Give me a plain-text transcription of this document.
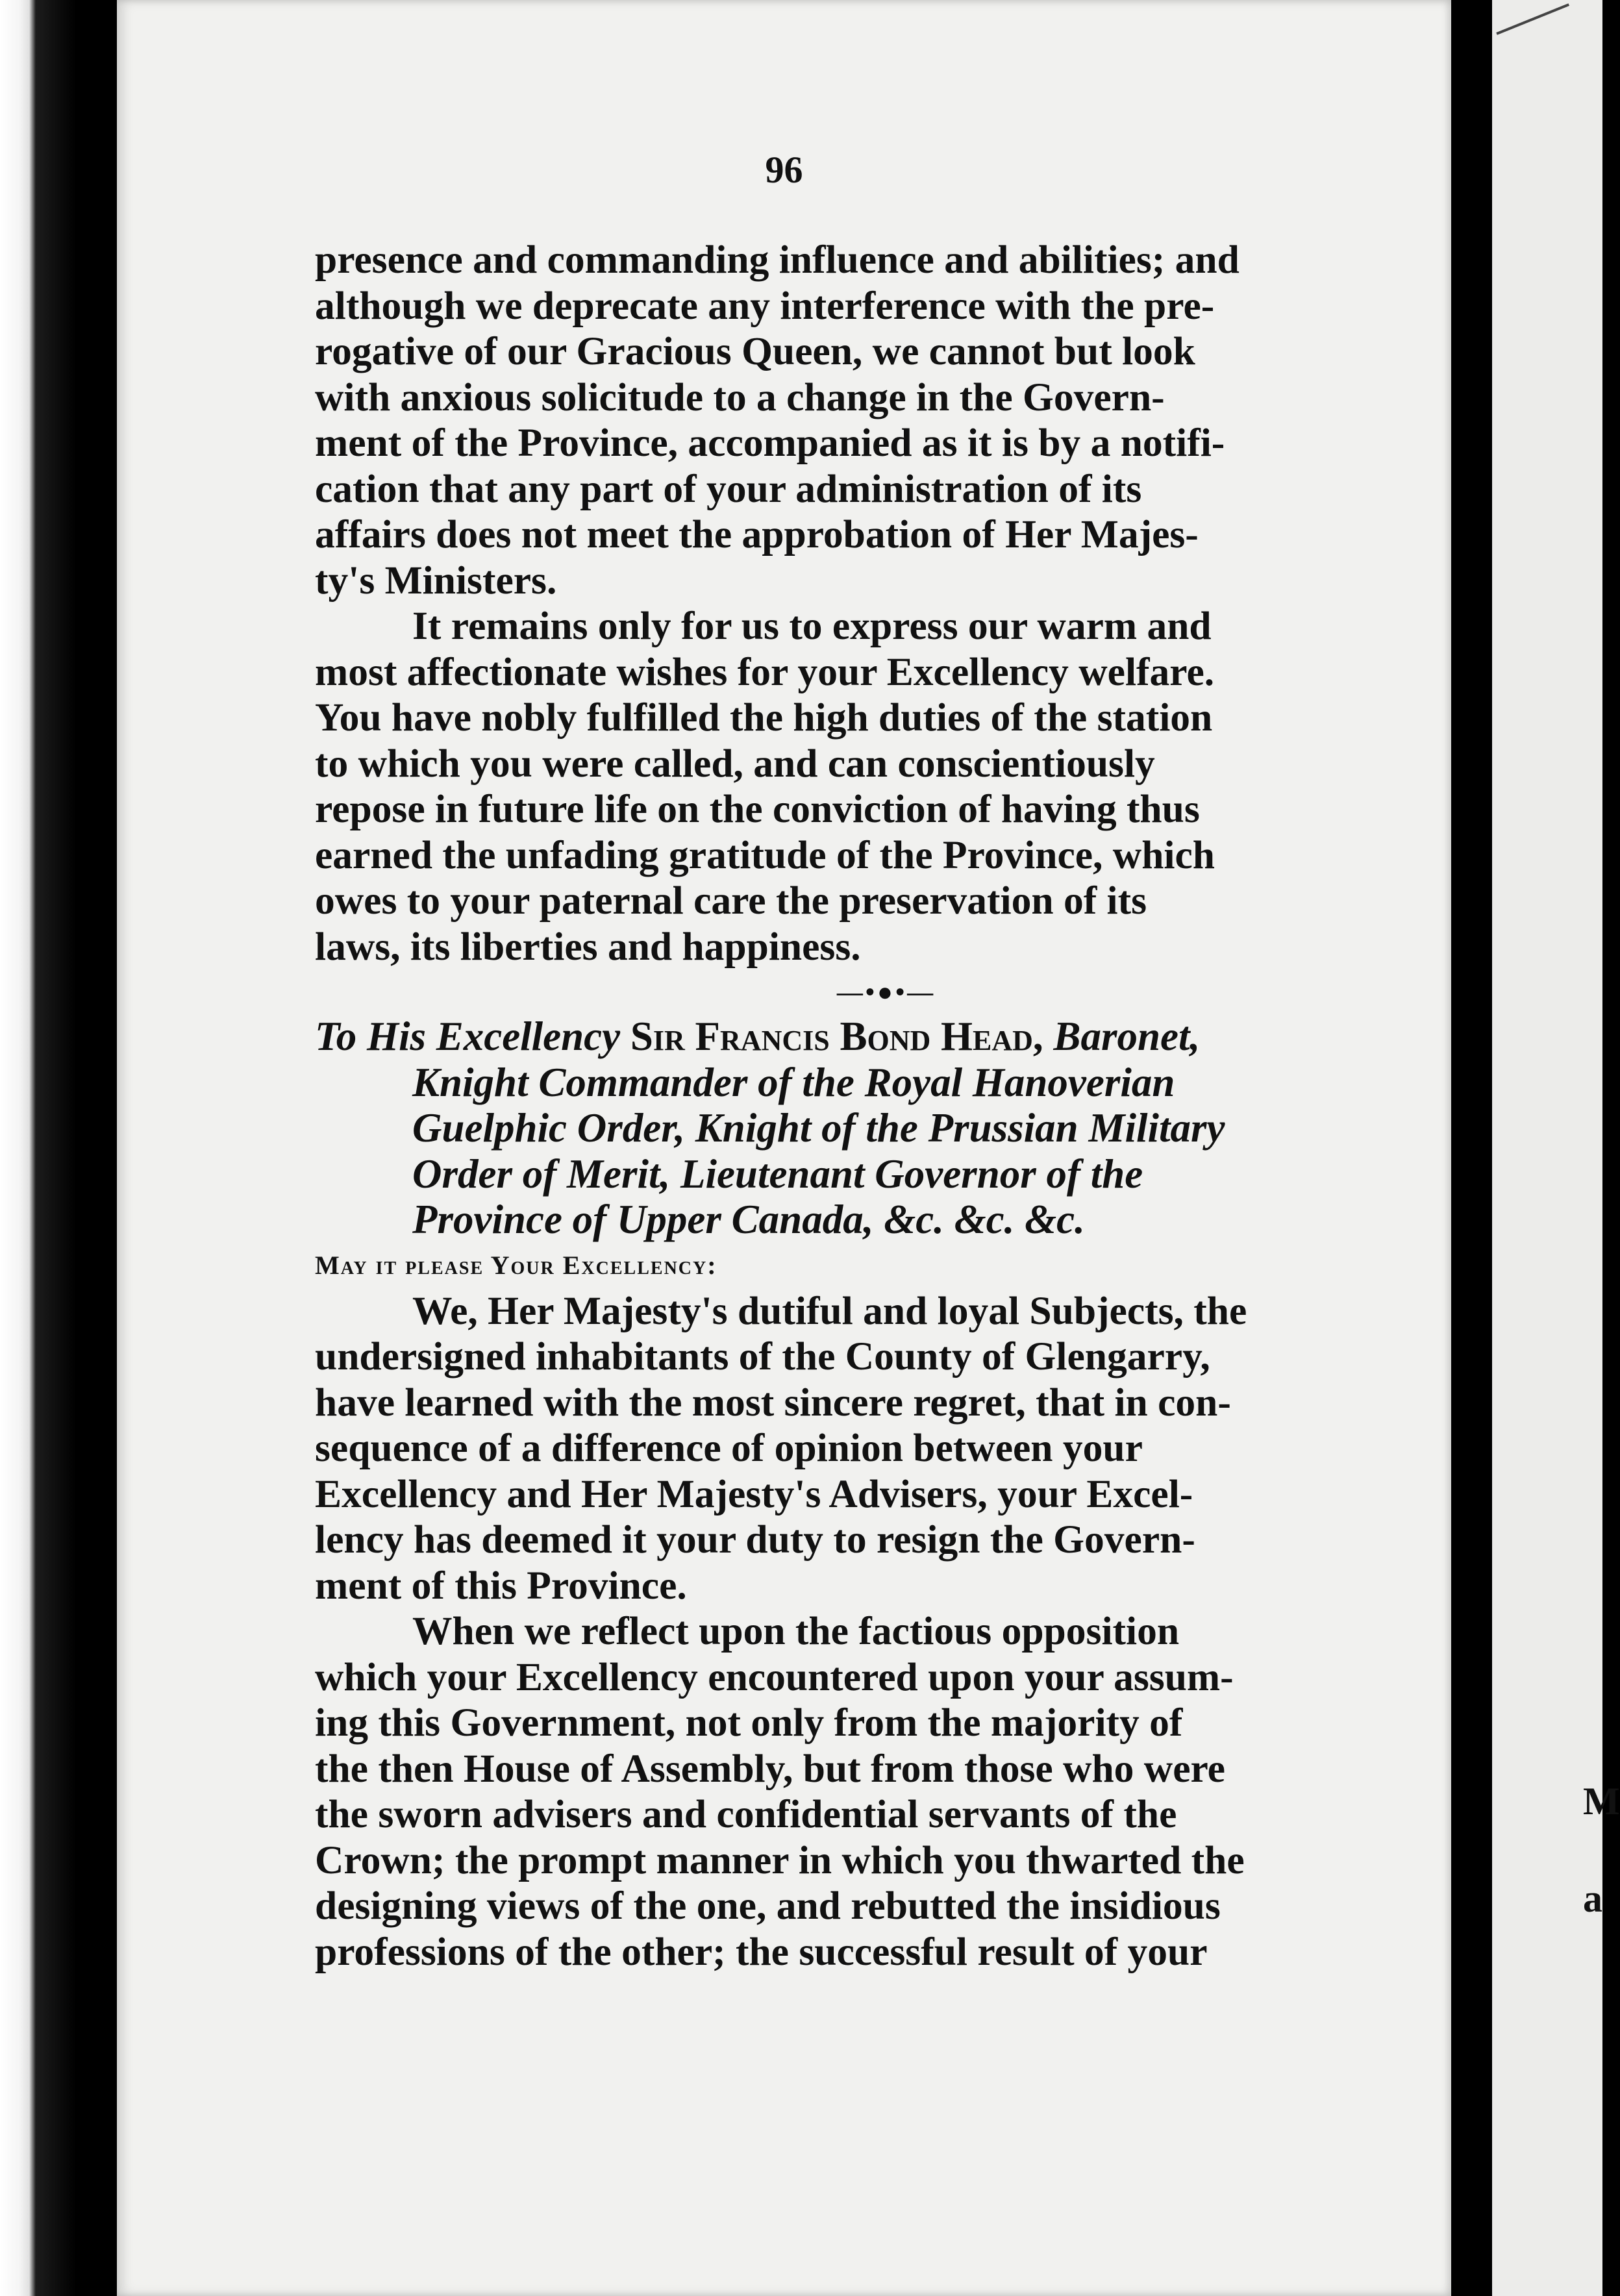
96

presence and commanding influence and abilities; and
although we deprecate any interference with the pre-
rogative of our Gracious Queen, we cannot but look
with anxious solicitude to a change in the Govern-
ment of the Province, accompanied as it is by a notifi-
cation that any part of your administration of its
affairs does not meet the approbation of Her Majes-
ty's Ministers.

It remains only for us to express our warm and
most affectionate wishes for your Excellency welfare.
You have nobly fulfilled the high duties of the station
to which you were called, and can conscientiously
repose in future life on the conviction of having thus
earned the unfading gratitude of the Province, which
owes to your paternal care the preservation of its
laws, its liberties and happiness.

—•●•—

To His Excellency Sir Francis Bond Head, Baronet,
Knight Commander of the Royal Hanoverian
Guelphic Order, Knight of the Prussian Military
Order of Merit, Lieutenant Governor of the
Province of Upper Canada, &c. &c. &c.

May it please Your Excellency:

We, Her Majesty's dutiful and loyal Subjects, the
undersigned inhabitants of the County of Glengarry,
have learned with the most sincere regret, that in con-
sequence of a difference of opinion between your
Excellency and Her Majesty's Advisers, your Excel-
lency has deemed it your duty to resign the Govern-
ment of this Province.

When we reflect upon the factious opposition
which your Excellency encountered upon your assum-
ing this Government, not only from the majority of
the then House of Assembly, but from those who were
the sworn advisers and confidential servants of the
Crown; the prompt manner in which you thwarted the
designing views of the one, and rebutted the insidious
professions of the other; the successful result of your

M
a
